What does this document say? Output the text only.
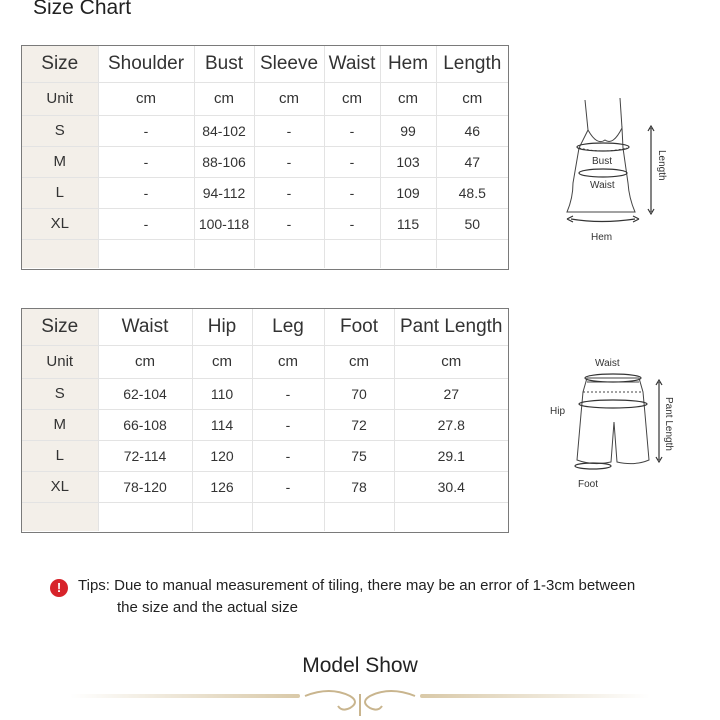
Size Chart
Size	Shoulder	Bust	Sleeve	Waist	Hem	Length
Unit	cm	cm	cm	cm	cm	cm
S	-	84-102	-	-	99	46
M	-	88-106	-	-	103	47
L	-	94-112	-	-	109	48.5
XL	-	100-118	-	-	115	50

Bust
Waist
Hem
Length
Size	Waist	Hip	Leg	Foot	Pant Length
Unit	cm	cm	cm	cm	cm
S	62-104	110	-	70	27
M	66-108	114	-	72	27.8
L	72-114	120	-	75	29.1
XL	78-120	126	-	78	30.4

Waist
Hip
Foot
Pant Length
!	Tips: Due to manual measurement of tiling, there may be an error of 1-3cm between
the size and the actual size
Model Show
